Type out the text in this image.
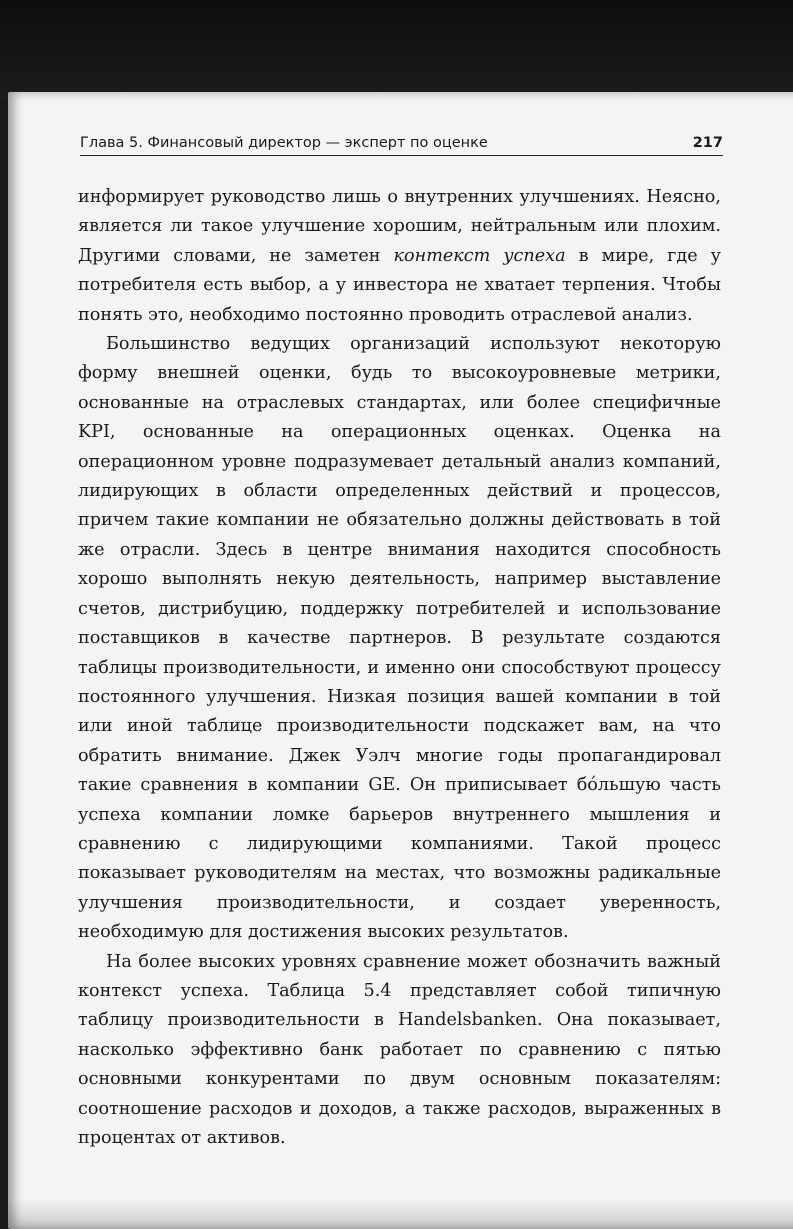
Глава 5. Финансовый директор — эксперт по оценке	217

информирует руководство лишь о внутренних улучшениях. Неясно, является ли такое улучшение хорошим, нейтральным или плохим. Другими словами, не заметен контекст успеха в мире, где у потребителя есть выбор, а у инвестора не хватает терпения. Чтобы понять это, необходимо постоянно проводить отраслевой анализ.

Большинство ведущих организаций используют некоторую форму внешней оценки, будь то высокоуровневые метрики, основанные на отраслевых стандартах, или более специфичные KPI, основанные на операционных оценках. Оценка на операционном уровне подразумевает детальный анализ компаний, лидирующих в области определенных действий и процессов, причем такие компании не обязательно должны действовать в той же отрасли. Здесь в центре внимания находится способность хорошо выполнять некую деятельность, например выставление счетов, дистрибуцию, поддержку потребителей и использование поставщиков в качестве партнеров. В результате создаются таблицы производительности, и именно они способствуют процессу постоянного улучшения. Низкая позиция вашей компании в той или иной таблице производительности подскажет вам, на что обратить внимание. Джек Уэлч многие годы пропагандировал такие сравнения в компании GE. Он приписывает бóльшую часть успеха компании ломке барьеров внутреннего мышления и сравнению с лидирующими компаниями. Такой процесс показывает руководителям на местах, что возможны радикальные улучшения производительности, и создает уверенность, необходимую для достижения высоких результатов.

На более высоких уровнях сравнение может обозначить важный контекст успеха. Таблица 5.4 представляет собой типичную таблицу производительности в Handelsbanken. Она показывает, насколько эффективно банк работает по сравнению с пятью основными конкурентами по двум основным показателям: соотношение расходов и доходов, а также расходов, выраженных в процентах от активов.
